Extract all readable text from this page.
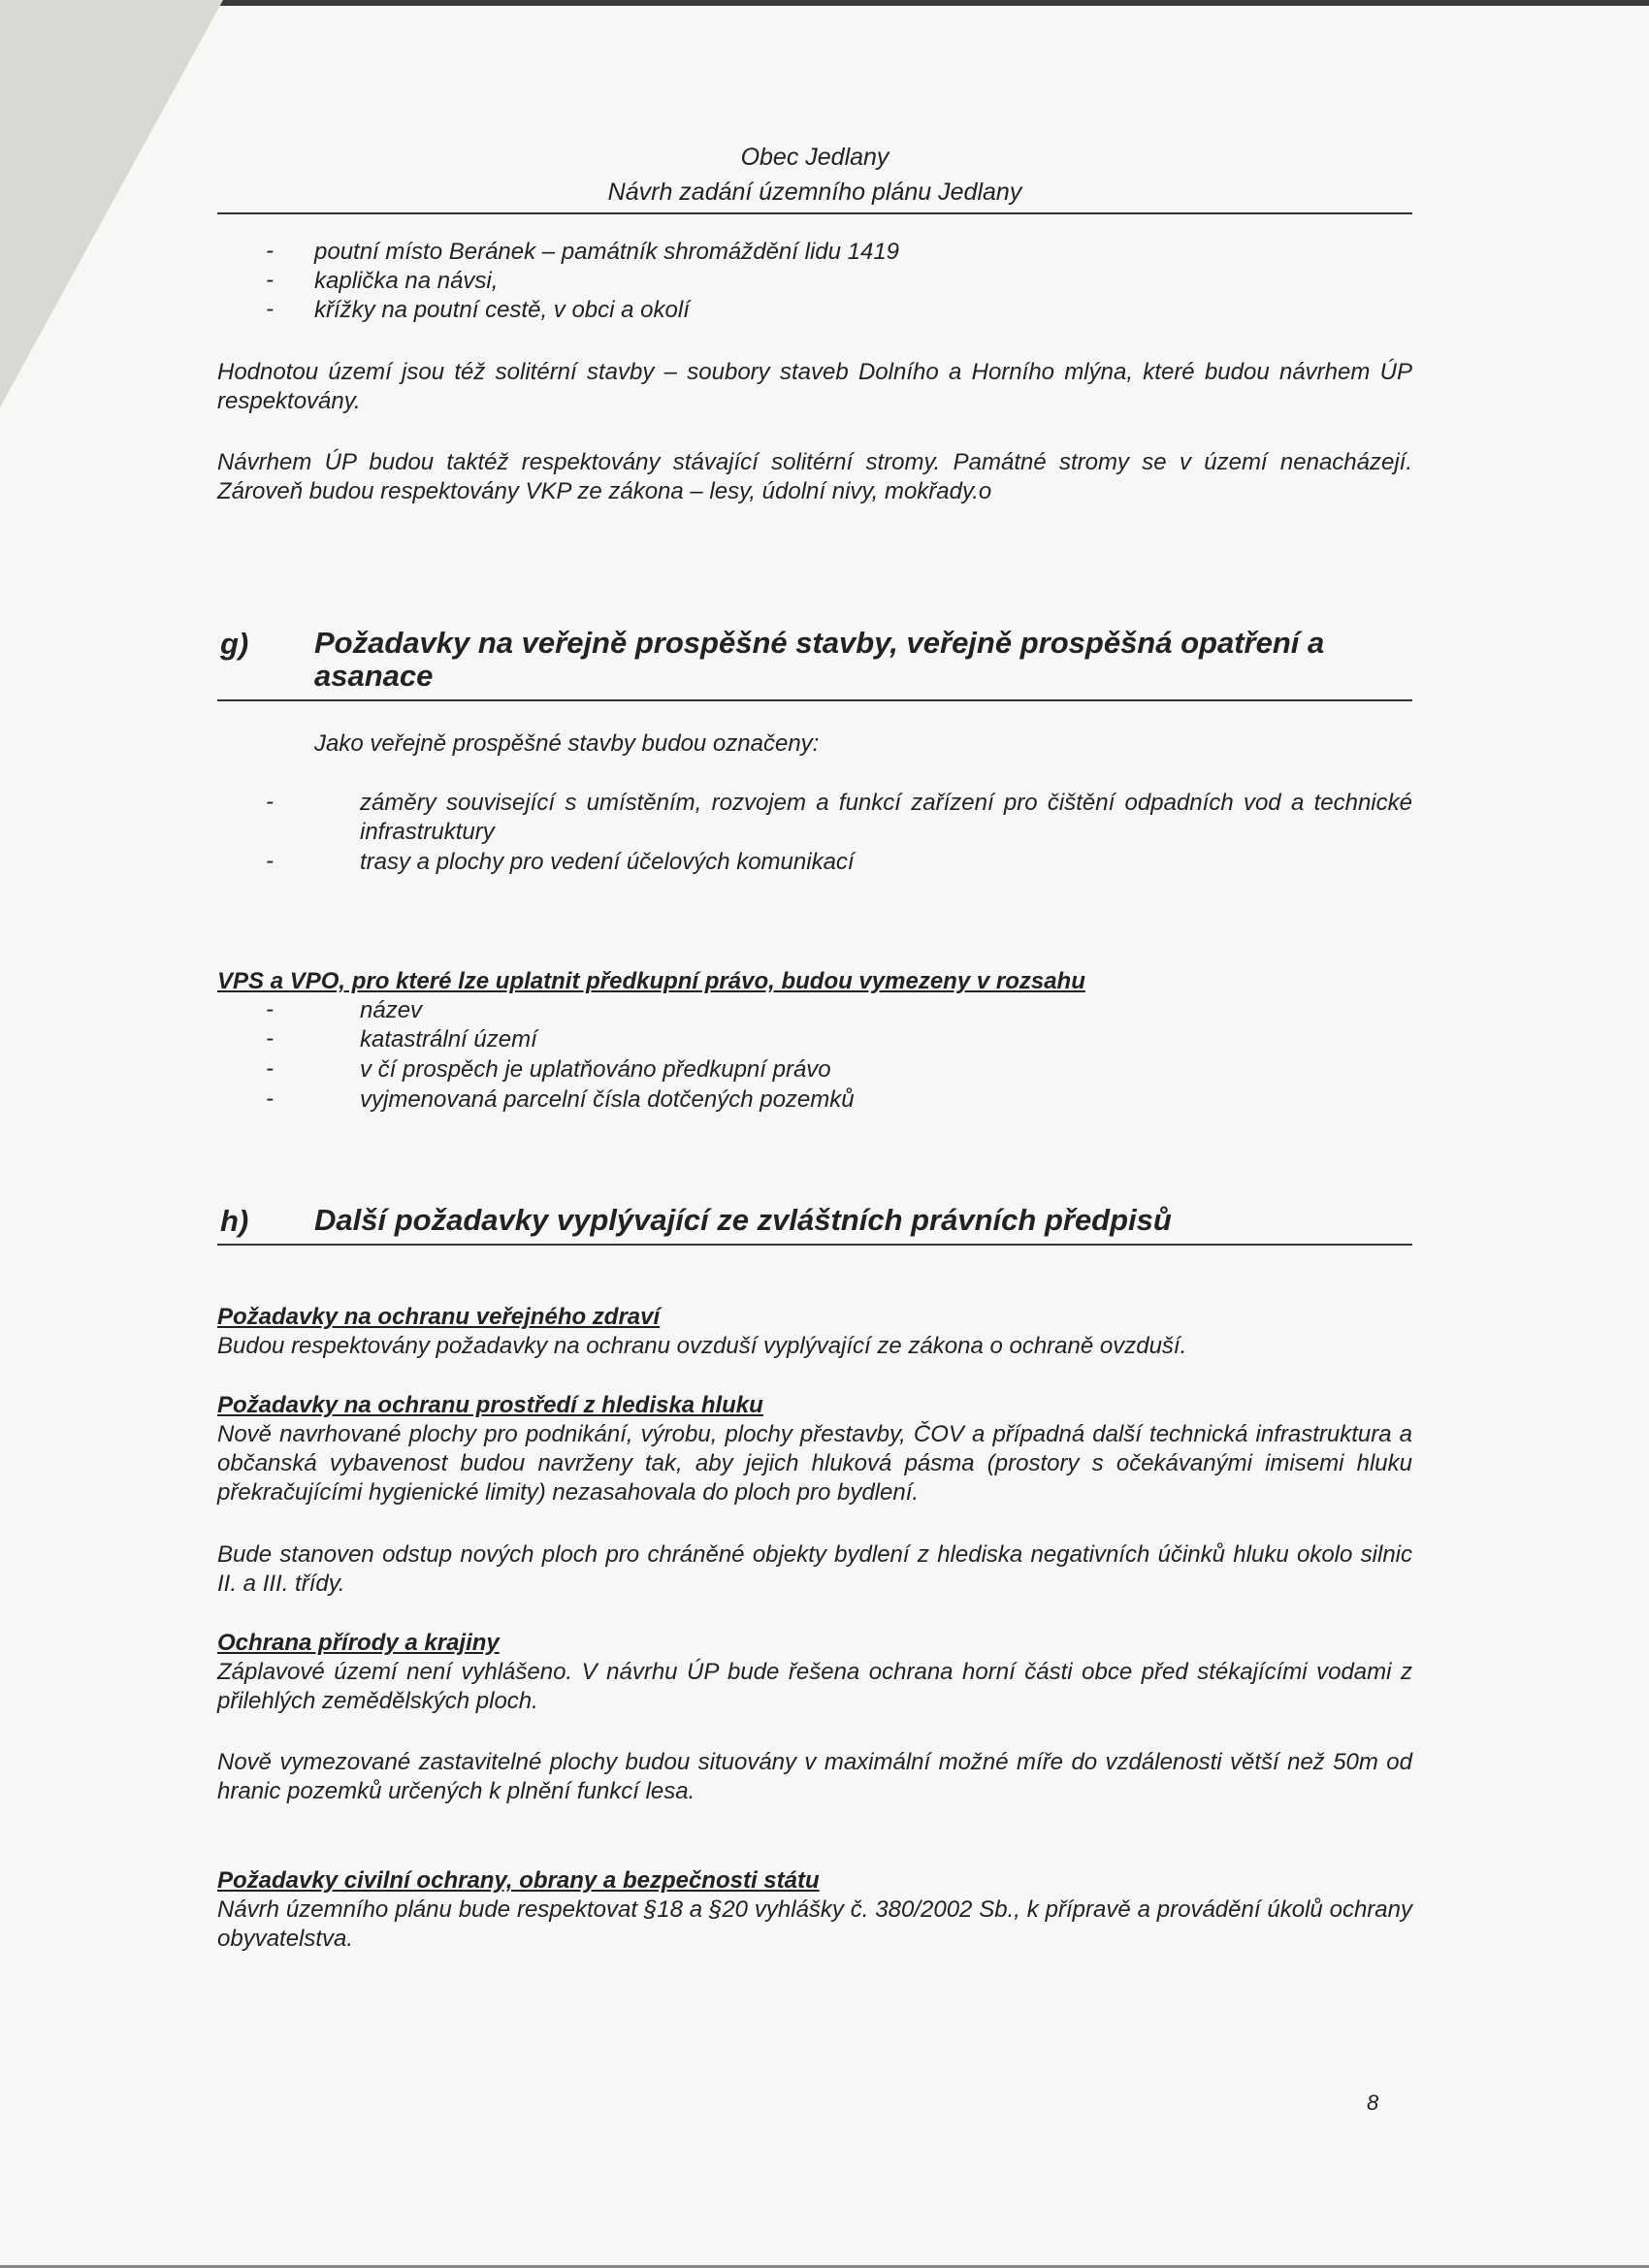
Obec Jedlany
Návrh zadání územního plánu Jedlany
- poutní místo Beránek – památník shromáždění lidu 1419
- kaplička na návsi,
- křížky na poutní cestě, v obci a okolí
Hodnotou území jsou též solitérní stavby – soubory staveb Dolního a Horního mlýna, které budou návrhem ÚP respektovány.
Návrhem ÚP budou taktéž respektovány stávající solitérní stromy. Památné stromy se v území nenacházejí. Zároveň budou respektovány VKP ze zákona – lesy, údolní nivy, mokřady.o
g) Požadavky na veřejně prospěšné stavby, veřejně prospěšná opatření a asanace
Jako veřejně prospěšné stavby budou označeny:
-	záměry související s umístěním, rozvojem a funkcí zařízení pro čištění odpadních vod a technické infrastruktury
-	trasy a plochy pro vedení účelových komunikací
VPS a VPO, pro které lze uplatnit předkupní právo, budou vymezeny v rozsahu
-	název
-	katastrální území
-	v čí prospěch je uplatňováno předkupní právo
-	vyjmenovaná parcelní čísla dotčených pozemků
h) Další požadavky vyplývající ze zvláštních právních předpisů
Požadavky na ochranu veřejného zdraví
Budou respektovány požadavky na ochranu ovzduší vyplývající ze zákona o ochraně ovzduší.
Požadavky na ochranu prostředí z hlediska hluku
Nově navrhované plochy pro podnikání, výrobu, plochy přestavby, ČOV a případná další technická infrastruktura a občanská vybavenost budou navrženy tak, aby jejich hluková pásma (prostory s očekávanými imisemi hluku překračujícími hygienické limity) nezasahovala do ploch pro bydlení.
Bude stanoven odstup nových ploch pro chráněné objekty bydlení z hlediska negativních účinků hluku okolo silnic II. a III. třídy.
Ochrana přírody a krajiny
Záplavové území není vyhlášeno. V návrhu ÚP bude řešena ochrana horní části obce před stékajícími vodami z přilehlých zemědělských ploch.
Nově vymezované zastavitelné plochy budou situovány v maximální možné míře do vzdálenosti větší než 50m od hranic pozemků určených k plnění funkcí lesa.
Požadavky civilní ochrany, obrany a bezpečnosti státu
Návrh územního plánu bude respektovat §18 a §20 vyhlášky č. 380/2002 Sb., k přípravě a provádění úkolů ochrany obyvatelstva.
8
